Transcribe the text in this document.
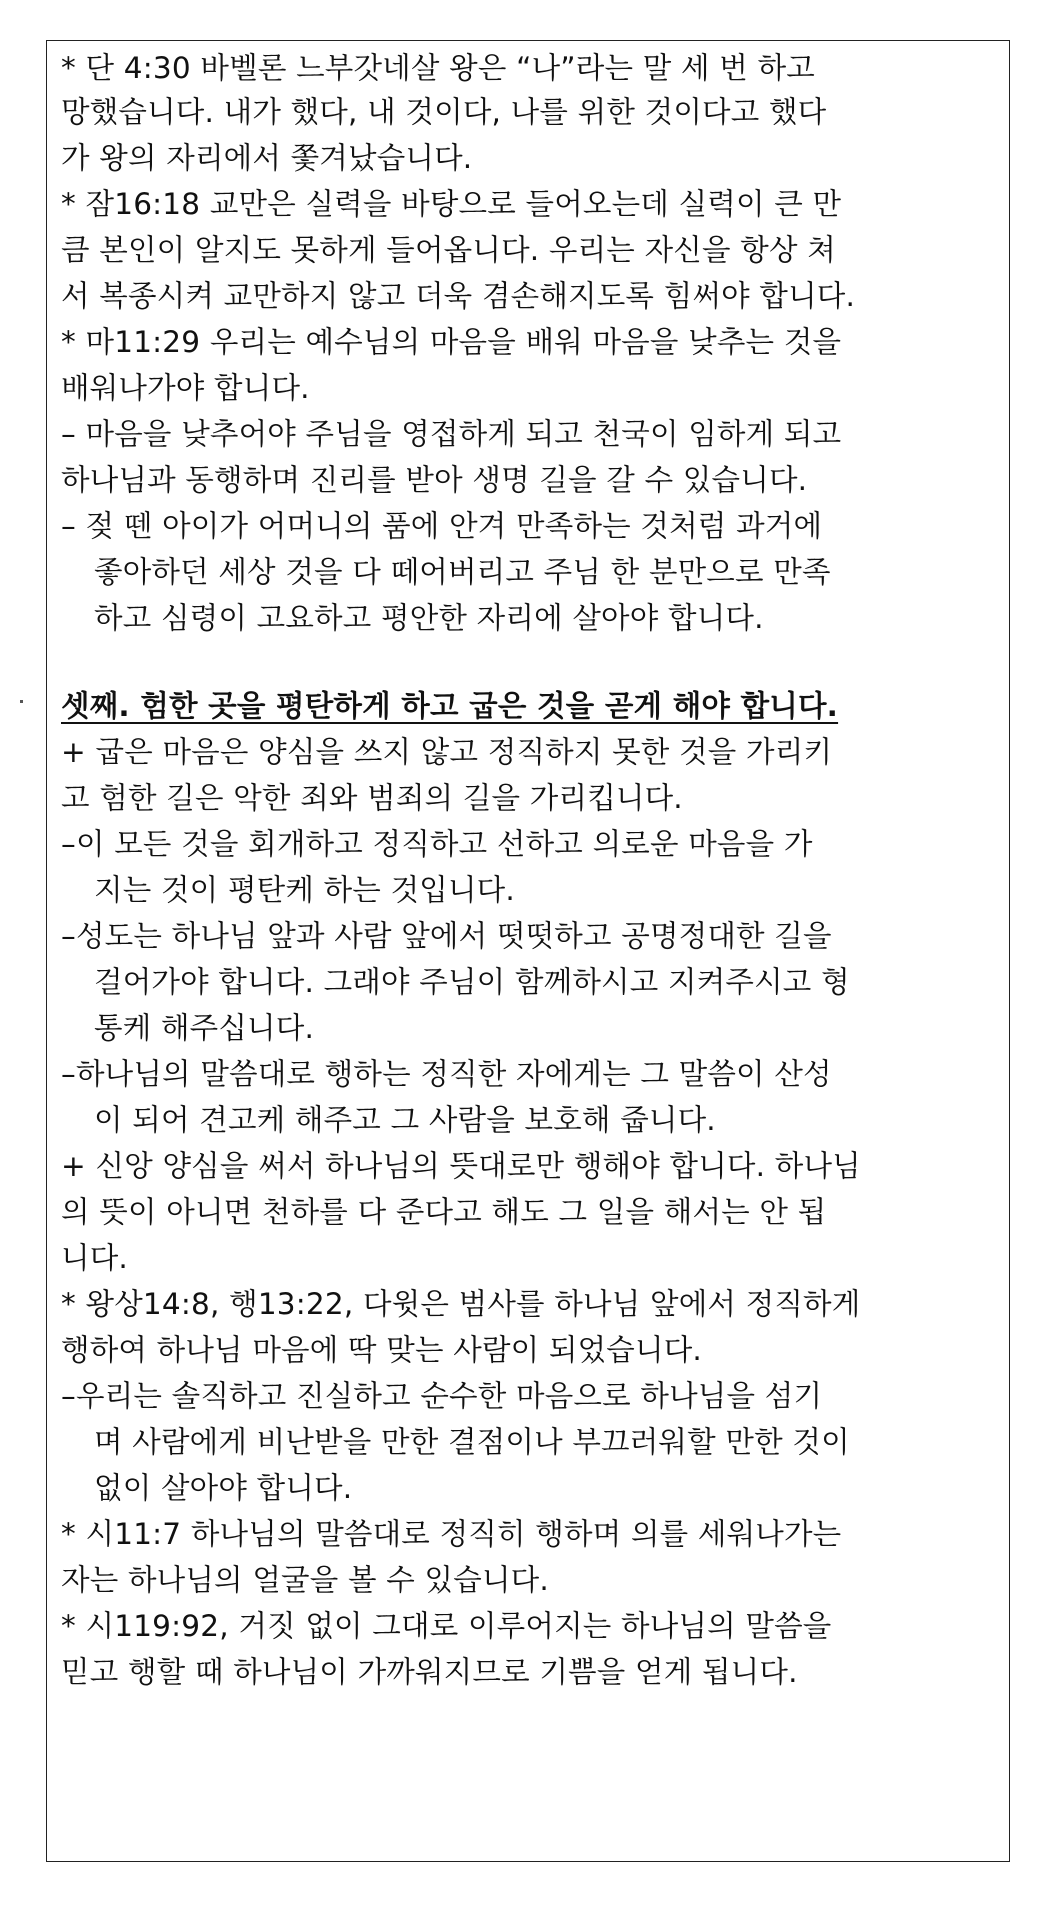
* 단 4:30 바벨론 느부갓네살 왕은 “나”라는 말 세 번 하고
망했습니다. 내가 했다, 내 것이다, 나를 위한 것이다고 했다
가 왕의 자리에서 쫓겨났습니다.
* 잠16:18 교만은 실력을 바탕으로 들어오는데 실력이 큰 만
큼 본인이 알지도 못하게 들어옵니다. 우리는 자신을 항상 쳐
서 복종시켜 교만하지 않고 더욱 겸손해지도록 힘써야 합니다.
* 마11:29 우리는 예수님의 마음을 배워 마음을 낮추는 것을
배워나가야 합니다.
– 마음을 낮추어야 주님을 영접하게 되고 천국이 임하게 되고
하나님과 동행하며 진리를 받아 생명 길을 갈 수 있습니다.
– 젖 뗀 아이가 어머니의 품에 안겨 만족하는 것처럼 과거에
좋아하던 세상 것을 다 떼어버리고 주님 한 분만으로 만족
하고 심령이 고요하고 평안한 자리에 살아야 합니다.
셋째. 험한 곳을 평탄하게 하고 굽은 것을 곧게 해야 합니다.
+ 굽은 마음은 양심을 쓰지 않고 정직하지 못한 것을 가리키
고 험한 길은 악한 죄와 범죄의 길을 가리킵니다.
–이 모든 것을 회개하고 정직하고 선하고 의로운 마음을 가
지는 것이 평탄케 하는 것입니다.
–성도는 하나님 앞과 사람 앞에서 떳떳하고 공명정대한 길을
걸어가야 합니다. 그래야 주님이 함께하시고 지켜주시고 형
통케 해주십니다.
–하나님의 말씀대로 행하는 정직한 자에게는 그 말씀이 산성
이 되어 견고케 해주고 그 사람을 보호해 줍니다.
+ 신앙 양심을 써서 하나님의 뜻대로만 행해야 합니다. 하나님
의 뜻이 아니면 천하를 다 준다고 해도 그 일을 해서는 안 됩
니다.
* 왕상14:8, 행13:22, 다윗은 범사를 하나님 앞에서 정직하게
행하여 하나님 마음에 딱 맞는 사람이 되었습니다.
–우리는 솔직하고 진실하고 순수한 마음으로 하나님을 섬기
며 사람에게 비난받을 만한 결점이나 부끄러워할 만한 것이
없이 살아야 합니다.
* 시11:7 하나님의 말씀대로 정직히 행하며 의를 세워나가는
자는 하나님의 얼굴을 볼 수 있습니다.
* 시119:92, 거짓 없이 그대로 이루어지는 하나님의 말씀을
믿고 행할 때 하나님이 가까워지므로 기쁨을 얻게 됩니다.
